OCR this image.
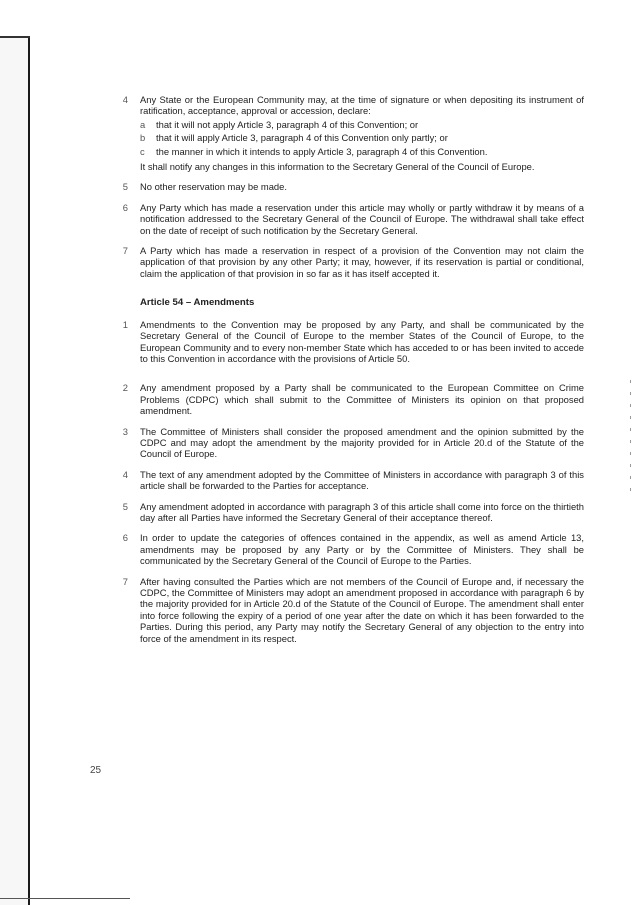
4 Any State or the European Community may, at the time of signature or when depositing its instrument of ratification, acceptance, approval or accession, declare:
a that it will not apply Article 3, paragraph 4 of this Convention; or
b that it will apply Article 3, paragraph 4 of this Convention only partly; or
c the manner in which it intends to apply Article 3, paragraph 4 of this Convention.
It shall notify any changes in this information to the Secretary General of the Council of Europe.
5 No other reservation may be made.
6 Any Party which has made a reservation under this article may wholly or partly withdraw it by means of a notification addressed to the Secretary General of the Council of Europe. The withdrawal shall take effect on the date of receipt of such notification by the Secretary General.
7 A Party which has made a reservation in respect of a provision of the Convention may not claim the application of that provision by any other Party; it may, however, if its reservation is partial or conditional, claim the application of that provision in so far as it has itself accepted it.
Article 54 – Amendments
1 Amendments to the Convention may be proposed by any Party, and shall be communicated by the Secretary General of the Council of Europe to the member States of the Council of Europe, to the European Community and to every non-member State which has acceded to or has been invited to accede to this Convention in accordance with the provisions of Article 50.
2 Any amendment proposed by a Party shall be communicated to the European Committee on Crime Problems (CDPC) which shall submit to the Committee of Ministers its opinion on that proposed amendment.
3 The Committee of Ministers shall consider the proposed amendment and the opinion submitted by the CDPC and may adopt the amendment by the majority provided for in Article 20.d of the Statute of the Council of Europe.
4 The text of any amendment adopted by the Committee of Ministers in accordance with paragraph 3 of this article shall be forwarded to the Parties for acceptance.
5 Any amendment adopted in accordance with paragraph 3 of this article shall come into force on the thirtieth day after all Parties have informed the Secretary General of their acceptance thereof.
6 In order to update the categories of offences contained in the appendix, as well as amend Article 13, amendments may be proposed by any Party or by the Committee of Ministers. They shall be communicated by the Secretary General of the Council of Europe to the Parties.
7 After having consulted the Parties which are not members of the Council of Europe and, if necessary the CDPC, the Committee of Ministers may adopt an amendment proposed in accordance with paragraph 6 by the majority provided for in Article 20.d of the Statute of the Council of Europe. The amendment shall enter into force following the expiry of a period of one year after the date on which it has been forwarded to the Parties. During this period, any Party may notify the Secretary General of any objection to the entry into force of the amendment in its respect.
25
